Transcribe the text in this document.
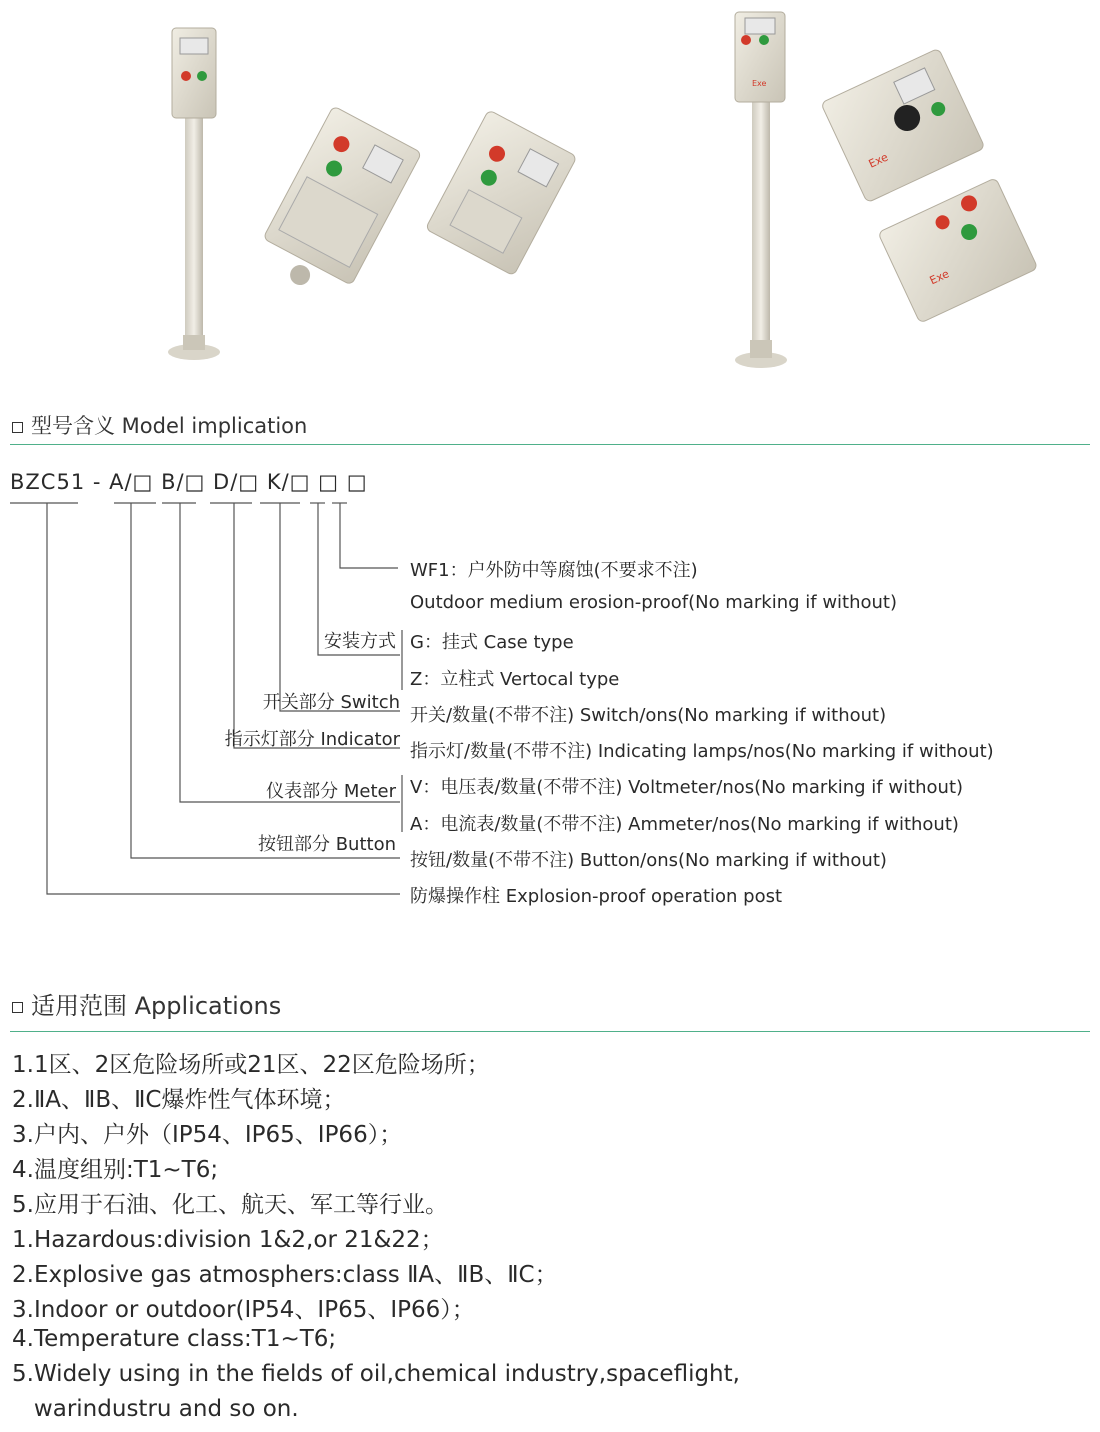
Exe
Exe
Exe
型号含义 Model implication
BZC51 - A/□ B/□ D/□ K/□ □ □
安装方式
开关部分 Switch
指示灯部分 Indicator
仪表部分 Meter
按钮部分 Button
WF1：户外防中等腐蚀(不要求不注)
Outdoor medium erosion-proof(No marking if without)
G：挂式 Case type
Z：立柱式 Vertocal type
开关/数量(不带不注) Switch/ons(No marking if without)
指示灯/数量(不带不注) Indicating lamps/nos(No marking if without)
V：电压表/数量(不带不注) Voltmeter/nos(No marking if without)
A：电流表/数量(不带不注) Ammeter/nos(No marking if without)
按钮/数量(不带不注) Button/ons(No marking if without)
防爆操作柱 Explosion-proof operation post
适用范围 Applications
1.1区、2区危险场所或21区、22区危险场所；
2.ⅡA、ⅡB、ⅡC爆炸性气体环境；
3.户内、户外（IP54、IP65、IP66）；
4.温度组别:T1~T6;
5.应用于石油、化工、航天、军工等行业。
1.Hazardous:division 1&2,or 21&22；
2.Explosive gas atmosphers:class ⅡA、ⅡB、ⅡC；
3.Indoor or outdoor(IP54、IP65、IP66）；
4.Temperature class:T1~T6;
5.Widely using in the fields of oil,chemical industry,spaceflight,
warindustru and so on.
